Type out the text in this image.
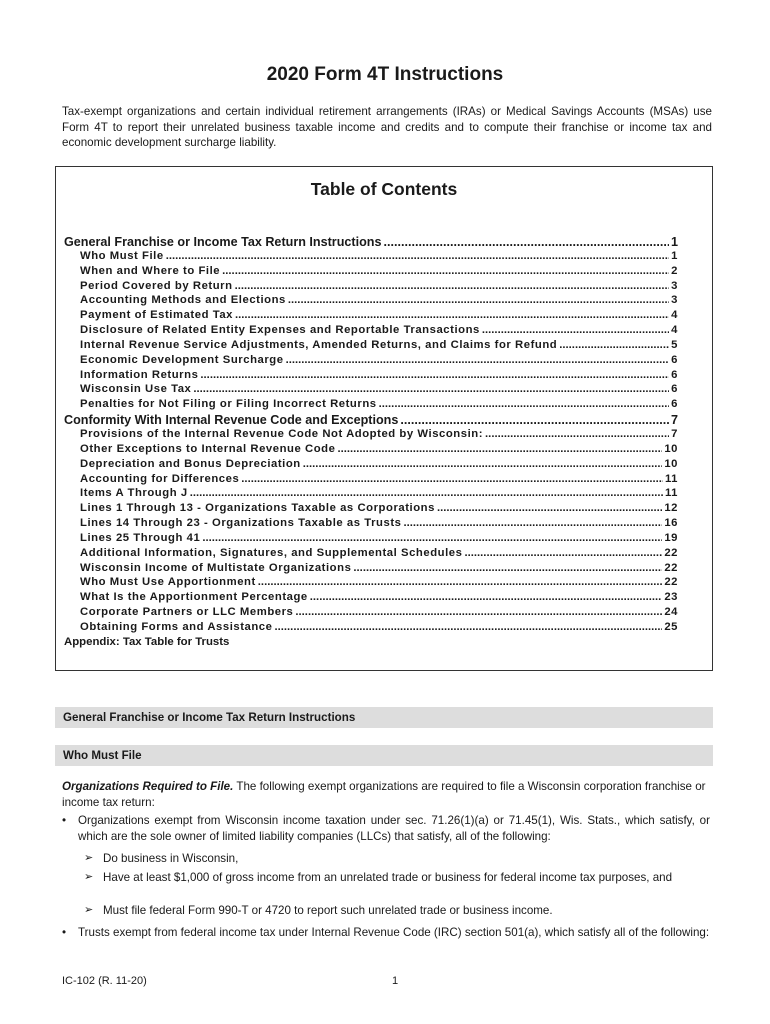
2020 Form 4T Instructions

Tax-exempt organizations and certain individual retirement arrangements (IRAs) or Medical Savings Accounts (MSAs) use Form 4T to report their unrelated business taxable income and credits and to compute their franchise or income tax and economic development surcharge liability.

Table of Contents
General Franchise or Income Tax Return Instructions .....	1
Who Must File .....	1
When and Where to File .....	2
Period Covered by Return .....	3
Accounting Methods and Elections .....	3
Payment of Estimated Tax .....	4
Disclosure of Related Entity Expenses and Reportable Transactions .....	4
Internal Revenue Service Adjustments, Amended Returns, and Claims for Refund .....	5
Economic Development Surcharge .....	6
Information Returns .....	6
Wisconsin Use Tax .....	6
Penalties for Not Filing or Filing Incorrect Returns .....	6
Conformity With Internal Revenue Code and Exceptions .....	7
Provisions of the Internal Revenue Code Not Adopted by Wisconsin: .....	7
Other Exceptions to Internal Revenue Code .....	10
Depreciation and Bonus Depreciation .....	10
Accounting for Differences .....	11
Items A Through J .....	11
Lines 1 Through 13 - Organizations Taxable as Corporations .....	12
Lines 14 Through 23 - Organizations Taxable as Trusts .....	16
Lines 25 Through 41 .....	19
Additional Information, Signatures, and Supplemental Schedules .....	22
Wisconsin Income of Multistate Organizations .....	22
Who Must Use Apportionment .....	22
What Is the Apportionment Percentage .....	23
Corporate Partners or LLC Members .....	24
Obtaining Forms and Assistance .....	25
Appendix: Tax Table for Trusts
General Franchise or Income Tax Return Instructions
Who Must File
Organizations Required to File. The following exempt organizations are required to file a Wisconsin corporation franchise or income tax return:
• Organizations exempt from Wisconsin income taxation under sec. 71.26(1)(a) or 71.45(1), Wis. Stats., which satisfy, or which are the sole owner of limited liability companies (LLCs) that satisfy, all of the following:
➢ Do business in Wisconsin,
➢ Have at least $1,000 of gross income from an unrelated trade or business for federal income tax purposes, and
➢ Must file federal Form 990-T or 4720 to report such unrelated trade or business income.
• Trusts exempt from federal income tax under Internal Revenue Code (IRC) section 501(a), which satisfy all of the following:
IC-102 (R. 11-20)	1
